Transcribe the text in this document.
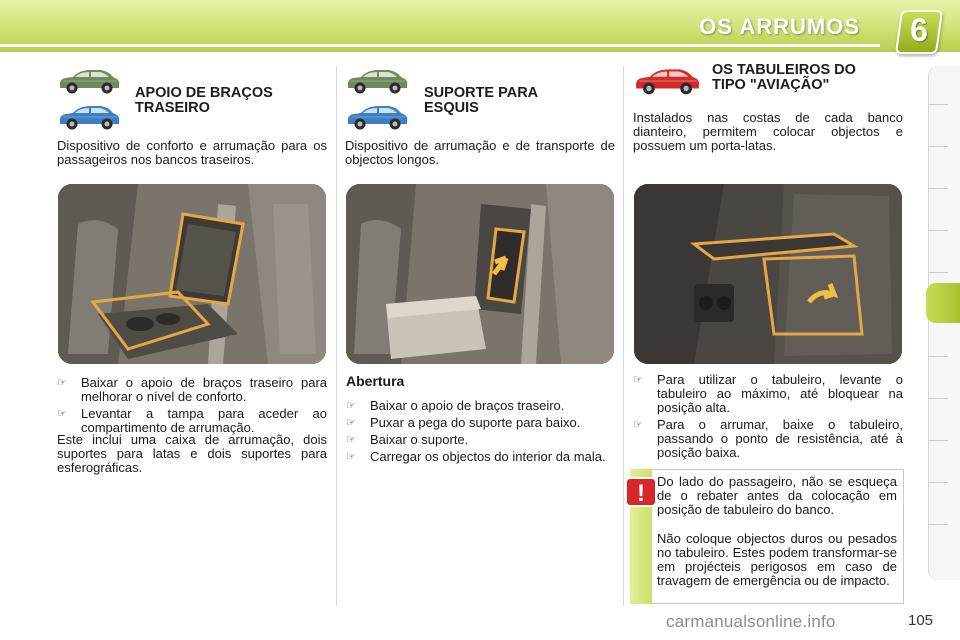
OS ARRUMOS	6
APOIO DE BRAÇOS
TRASEIRO
Dispositivo de conforto e arrumação para os passageiros nos bancos traseiros.
☞ Baixar o apoio de braços traseiro para melhorar o nível de conforto.
☞ Levantar a tampa para aceder ao compartimento de arrumação.
Este inclui uma caixa de arrumação, dois suportes para latas e dois suportes para esferográficas.
SUPORTE PARA
ESQUIS
Dispositivo de arrumação e de transporte de objectos longos.
Abertura
☞ Baixar o apoio de braços traseiro.
☞ Puxar a pega do suporte para baixo.
☞ Baixar o suporte.
☞ Carregar os objectos do interior da mala.
OS TABULEIROS DO
TIPO "AVIAÇÃO"
Instalados nas costas de cada banco dianteiro, permitem colocar objectos e possuem um porta-latas.
☞ Para utilizar o tabuleiro, levante o tabuleiro ao máximo, até bloquear na posição alta.
☞ Para o arrumar, baixe o tabuleiro, passando o ponto de resistência, até à posição baixa.
! Do lado do passageiro, não se esqueça de o rebater antes da colocação em posição de tabuleiro do banco.
Não coloque objectos duros ou pesados no tabuleiro. Estes podem transformar-se em projécteis perigosos em caso de travagem de emergência ou de impacto.
carmanualsonline.info	105
